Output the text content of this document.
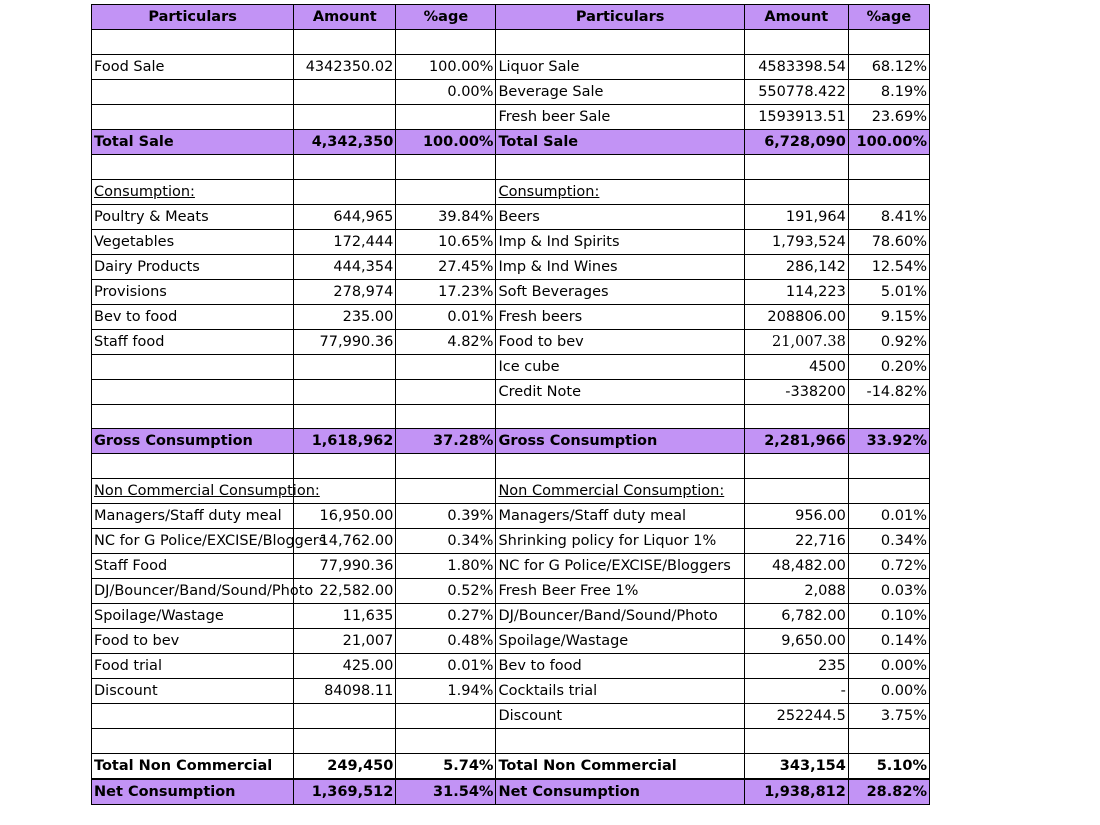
Particulars	Amount	%age	Particulars	Amount	%age

Food Sale	4342350.02	100.00%	Liquor Sale	4583398.54	68.12%
		0.00%	Beverage Sale	550778.422	8.19%
			Fresh beer Sale	1593913.51	23.69%
Total Sale	4,342,350	100.00%	Total Sale	6,728,090	100.00%

Consumption:			Consumption:		
Poultry & Meats	644,965	39.84%	Beers	191,964	8.41%
Vegetables	172,444	10.65%	Imp & Ind Spirits	1,793,524	78.60%
Dairy Products	444,354	27.45%	Imp & Ind Wines	286,142	12.54%
Provisions	278,974	17.23%	Soft Beverages	114,223	5.01%
Bev to food	235.00	0.01%	Fresh beers	208806.00	9.15%
Staff food	77,990.36	4.82%	Food to bev	21,007.38	0.92%
			Ice cube	4500	0.20%
			Credit Note	-338200	-14.82%

Gross Consumption	1,618,962	37.28%	Gross Consumption	2,281,966	33.92%

Non Commercial Consumption:			Non Commercial Consumption:		
Managers/Staff duty meal	16,950.00	0.39%	Managers/Staff duty meal	956.00	0.01%
NC for G Police/EXCISE/Bloggers	14,762.00	0.34%	Shrinking policy for Liquor 1%	22,716	0.34%
Staff Food	77,990.36	1.80%	NC for G Police/EXCISE/Bloggers	48,482.00	0.72%
DJ/Bouncer/Band/Sound/Photo	22,582.00	0.52%	Fresh Beer Free 1%	2,088	0.03%
Spoilage/Wastage	11,635	0.27%	DJ/Bouncer/Band/Sound/Photo	6,782.00	0.10%
Food to bev	21,007	0.48%	Spoilage/Wastage	9,650.00	0.14%
Food trial	425.00	0.01%	Bev to food	235	0.00%
Discount	84098.11	1.94%	Cocktails trial	-	0.00%
			Discount	252244.5	3.75%

Total Non Commercial	249,450	5.74%	Total Non Commercial	343,154	5.10%
Net Consumption	1,369,512	31.54%	Net Consumption	1,938,812	28.82%
